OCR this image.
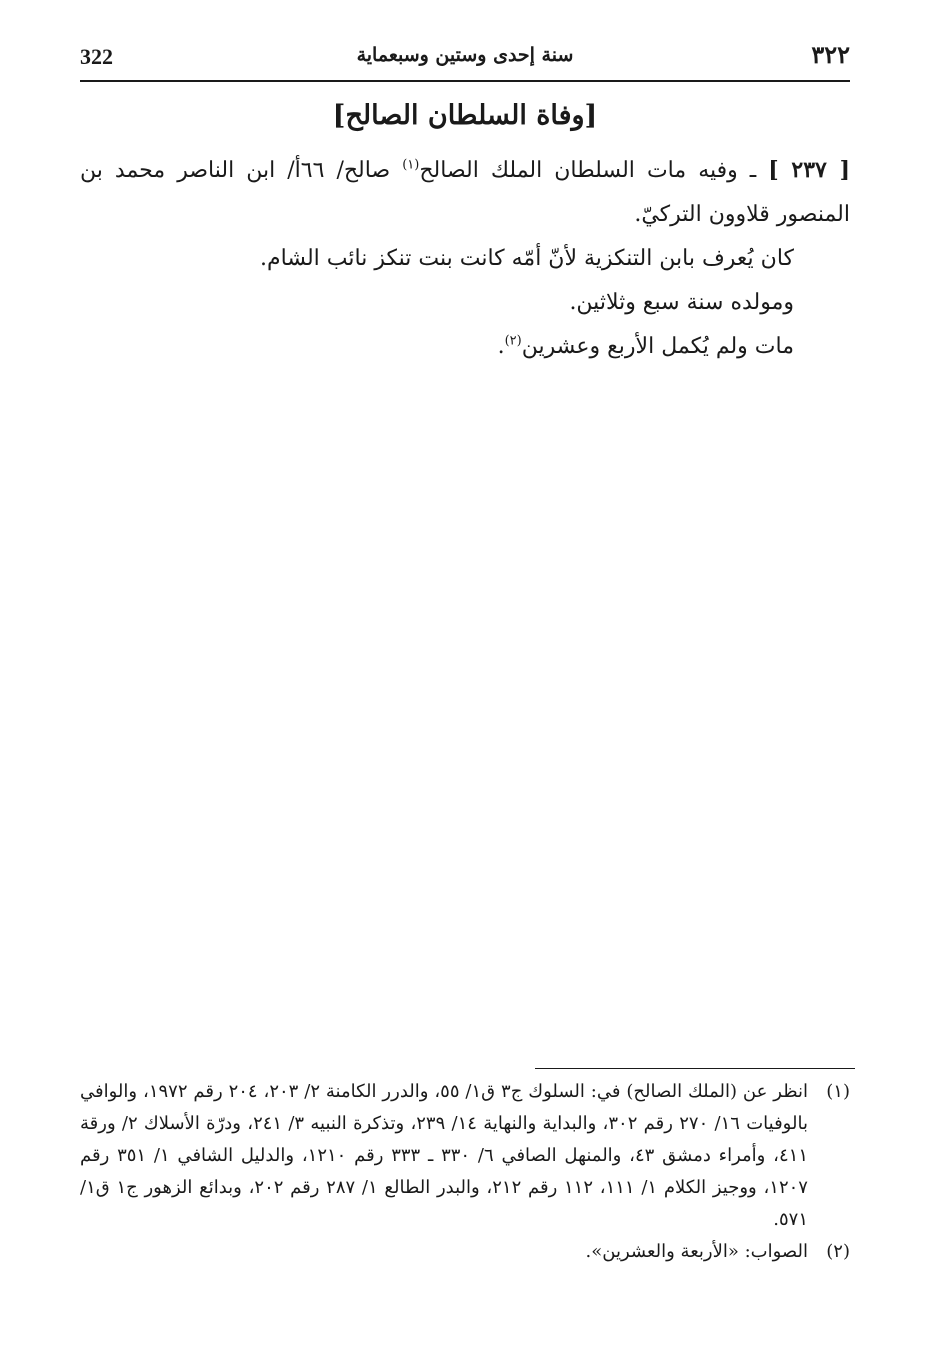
322	سنة إحدى وستين وسبعماية	٣٢٢
[وفاة السلطان الصالح]

[ ٢٣٧ ] ـ وفيه مات السلطان الملك الصالح$^{(١)}$ صالح/ ٦٦أ/ ابن الناصر محمد بن المنصور قلاوون التركيّ.

كان يُعرف بابن التنكزية لأنّ أمّه كانت بنت تنكز نائب الشام.

ومولده سنة سبع وثلاثين.

مات ولم يُكمل الأربع وعشرين$^{(٢)}$.

(١)
انظر عن (الملك الصالح) في: السلوك ج٣ ق١/ ٥٥، والدرر الكامنة ٢/ ٢٠٣، ٢٠٤ رقم ١٩٧٢، والوافي بالوفيات ١٦/ ٢٧٠ رقم ٣٠٢، والبداية والنهاية ١٤/ ٢٣٩، وتذكرة النبيه ٣/ ٢٤١، ودرّة الأسلاك ٢/ ورقة ٤١١، وأمراء دمشق ٤٣، والمنهل الصافي ٦/ ٣٣٠ ـ ٣٣٣ رقم ١٢١٠، والدليل الشافي ١/ ٣٥١ رقم ١٢٠٧، ووجيز الكلام ١/ ١١١، ١١٢ رقم ٢١٢، والبدر الطالع ١/ ٢٨٧ رقم ٢٠٢، وبدائع الزهور ج١ ق١/ ٥٧١.
(٢)
الصواب: «الأربعة والعشرين».
